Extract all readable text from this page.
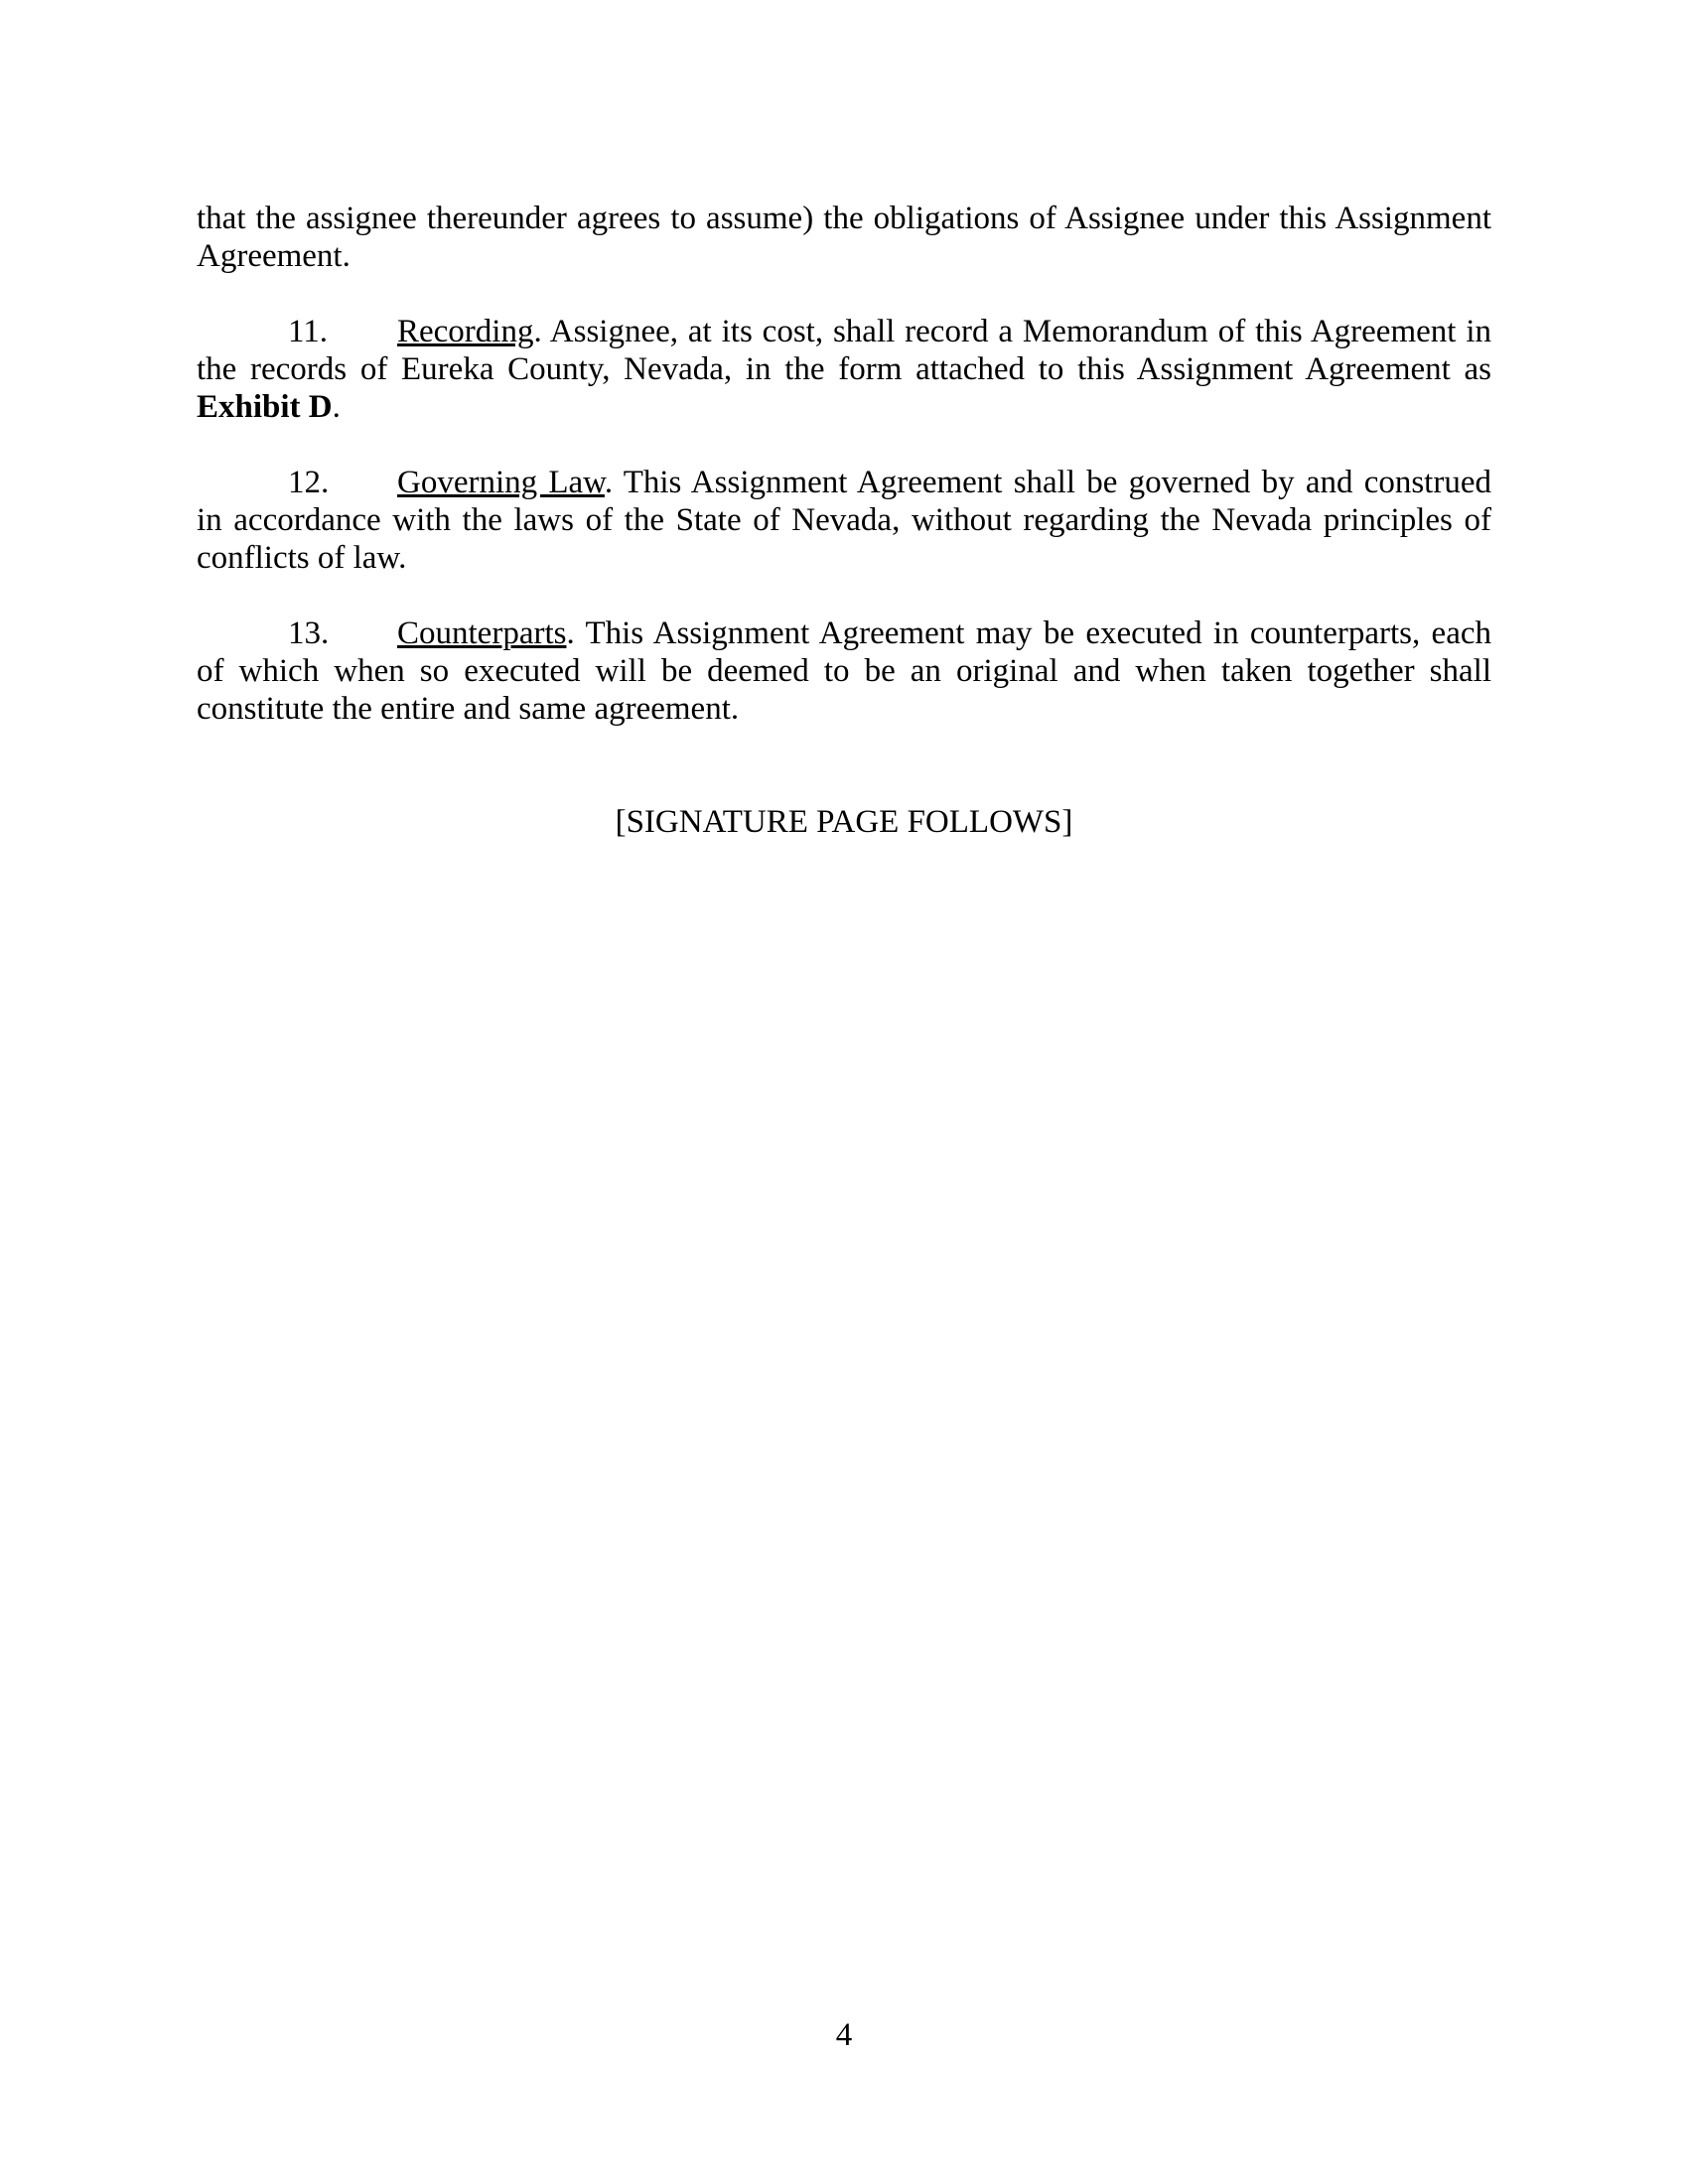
that the assignee thereunder agrees to assume) the obligations of Assignee under this Assignment
Agreement.
11. Recording. Assignee, at its cost, shall record a Memorandum of this Agreement in
the records of Eureka County, Nevada, in the form attached to this Assignment Agreement as
Exhibit D.
12. Governing Law. This Assignment Agreement shall be governed by and construed
in accordance with the laws of the State of Nevada, without regarding the Nevada principles of
conflicts of law.
13. Counterparts. This Assignment Agreement may be executed in counterparts, each
of which when so executed will be deemed to be an original and when taken together shall
constitute the entire and same agreement.
[SIGNATURE PAGE FOLLOWS]
4
